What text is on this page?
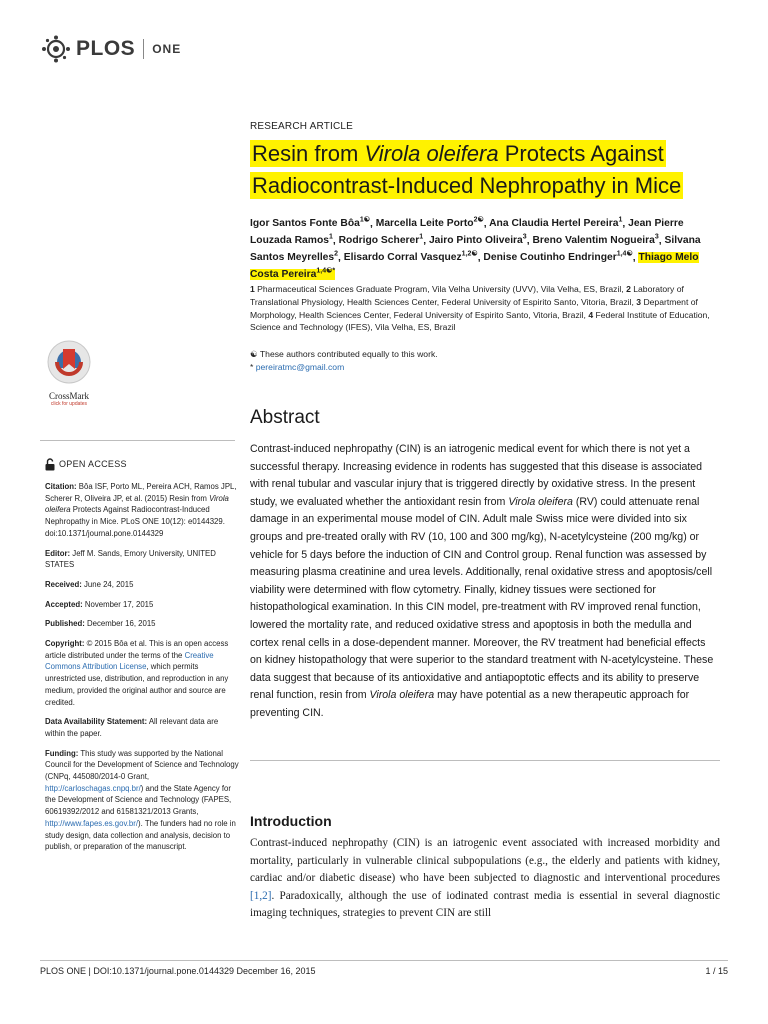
PLOS ONE
RESEARCH ARTICLE
Resin from Virola oleifera Protects Against
Radiocontrast-Induced Nephropathy in Mice
Igor Santos Fonte Bôa$^{1☯}$, Marcella Leite Porto$^{2☯}$, Ana Claudia Hertel Pereira$^1$, Jean Pierre Louzada Ramos$^1$, Rodrigo Scherer$^1$, Jairo Pinto Oliveira$^3$, Breno Valentim Nogueira$^3$, Silvana Santos Meyrelles$^2$, Elisardo Corral Vasquez$^{1,2☯}$, Denise Coutinho Endringer$^{1,4☯}$, Thiago Melo Costa Pereira$^{1,4☯*}$
1 Pharmaceutical Sciences Graduate Program, Vila Velha University (UVV), Vila Velha, ES, Brazil, 2 Laboratory of Translational Physiology, Health Sciences Center, Federal University of Espirito Santo, Vitoria, Brazil, 3 Department of Morphology, Health Sciences Center, Federal University of Espirito Santo, Vitoria, Brazil, 4 Federal Institute of Education, Science and Technology (IFES), Vila Velha, ES, Brazil
☯ These authors contributed equally to this work.
* pereiratmc@gmail.com
CrossMark
click for updates
OPEN ACCESS

Citation: Bôa ISF, Porto ML, Pereira ACH, Ramos JPL, Scherer R, Oliveira JP, et al. (2015) Resin from Virola oleifera Protects Against Radiocontrast-Induced Nephropathy in Mice. PLoS ONE 10(12): e0144329. doi:10.1371/journal.pone.0144329

Editor: Jeff M. Sands, Emory University, UNITED STATES

Received: June 24, 2015

Accepted: November 17, 2015

Published: December 16, 2015

Copyright: © 2015 Bôa et al. This is an open access article distributed under the terms of the Creative Commons Attribution License, which permits unrestricted use, distribution, and reproduction in any medium, provided the original author and source are credited.

Data Availability Statement: All relevant data are within the paper.

Funding: This study was supported by the National Council for the Development of Science and Technology (CNPq, 445080/2014-0 Grant, http://carloschagas.cnpq.br/) and the State Agency for the Development of Science and Technology (FAPES, 60619392/2012 and 61581321/2013 Grants, http://www.fapes.es.gov.br/). The funders had no role in study design, data collection and analysis, decision to publish, or preparation of the manuscript.

Abstract
Contrast-induced nephropathy (CIN) is an iatrogenic medical event for which there is not yet a successful therapy. Increasing evidence in rodents has suggested that this disease is associated with renal tubular and vascular injury that is triggered directly by oxidative stress. In the present study, we evaluated whether the antioxidant resin from Virola oleifera (RV) could attenuate renal damage in an experimental mouse model of CIN. Adult male Swiss mice were divided into six groups and pre-treated orally with RV (10, 100 and 300 mg/kg), N-acetylcysteine (200 mg/kg) or vehicle for 5 days before the induction of CIN and Control group. Renal function was assessed by measuring plasma creatinine and urea levels. Additionally, renal oxidative stress and apoptosis/cell viability were determined with flow cytometry. Finally, kidney tissues were sectioned for histopathological examination. In this CIN model, pre-treatment with RV improved renal function, lowered the mortality rate, and reduced oxidative stress and apoptosis in both the medulla and cortex renal cells in a dose-dependent manner. Moreover, the RV treatment had beneficial effects on kidney histopathology that were superior to the standard treatment with N-acetylcysteine. These data suggest that because of its antioxidative and antiapoptotic effects and its ability to preserve renal function, resin from Virola oleifera may have potential as a new therapeutic approach for preventing CIN.
Introduction
Contrast-induced nephropathy (CIN) is an iatrogenic event associated with increased morbidity and mortality, particularly in vulnerable clinical subpopulations (e.g., the elderly and patients with kidney, cardiac and/or diabetic disease) who have been subjected to diagnostic and interventional procedures [1,2]. Paradoxically, although the use of iodinated contrast media is essential in several diagnostic imaging techniques, strategies to prevent CIN are still
PLOS ONE | DOI:10.1371/journal.pone.0144329 December 16, 2015	1 / 15
